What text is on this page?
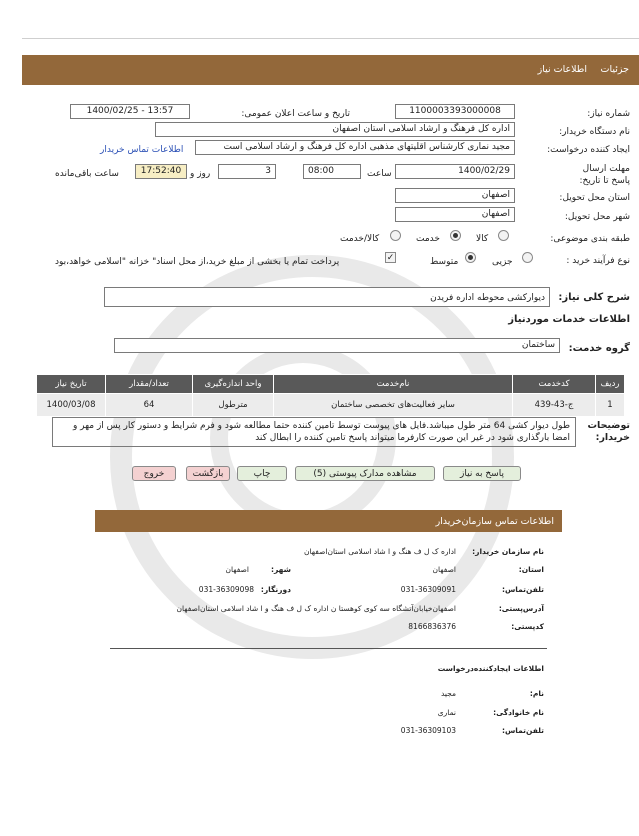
جزئیات
اطلاعات نیاز
شماره نیاز:
1100003393000008
تاریخ و ساعت اعلان عمومی:
1400/02/25 - 13:57
نام دستگاه خریدار:
اداره کل فرهنگ و ارشاد اسلامی استان اصفهان
ایجاد کننده درخواست:
مجید نماری کارشناس اقلیتهای مذهبی اداره کل فرهنگ و ارشاد اسلامی است
اطلاعات تماس خریدار
مهلت ارسال پاسخ تا تاریخ:
1400/02/29
ساعت
08:00
3
روز و
17:52:40
ساعت باقی‌مانده
استان محل تحویل:
اصفهان
شهر محل تحویل:
اصفهان
طبقه بندی موضوعی:
کالا
خدمت
کالا/خدمت
نوع فرآیند خرید :
جزیی
متوسط
✓
پرداخت تمام یا بخشی از مبلغ خرید،از محل اسناد" خزانه "اسلامی خواهد،بود
شرح کلی نیاز:
دیوارکشی محوطه اداره فریدن
اطلاعات خدمات موردنیاز
گروه خدمت:
ساختمان
ردیف	کدخدمت	نام‌خدمت	واحد اندازه‌گیری	تعداد/مقدار	تاریخ نیاز
1	ج-43-439	سایر فعالیت‌های تخصصی ساختمان	مترطول	64	1400/03/08
توضیحات خریدار:
طول دیوار کشی 64 متر طول میباشد.فایل های پیوست توسط تامین کننده حتما مطالعه شود و فرم شرایط و دستور کار پس از مهر و امضا بارگذاری شود در غیر این صورت کارفرما میتواند پاسخ تامین کننده را ابطال کند
پاسخ به نیاز
مشاهده مدارک پیوستی (5)
چاپ
بازگشت
خروج
اطلاعات تماس سازمان‌خریدار
نام سازمان خریدار:
اداره ک ل ف هنگ و ا شاد اسلامی استان‌اصفهان
استان:
اصفهان
شهر:
اصفهان
تلفن‌تماس:
031-36309091
دورنگار:
031-36309098
آدرس‌پستی:
اصفهان‌خیابان‌آتشگاه سه کوی کوهستا ن اداره ک ل ف هنگ و ا شاد اسلامی استان‌اصفهان
کدپستی:
8166836376
اطلاعات ایجادکننده‌درخواست
نام:
مجید
نام خانوادگی:
نماری
تلفن‌تماس:
031-36309103
